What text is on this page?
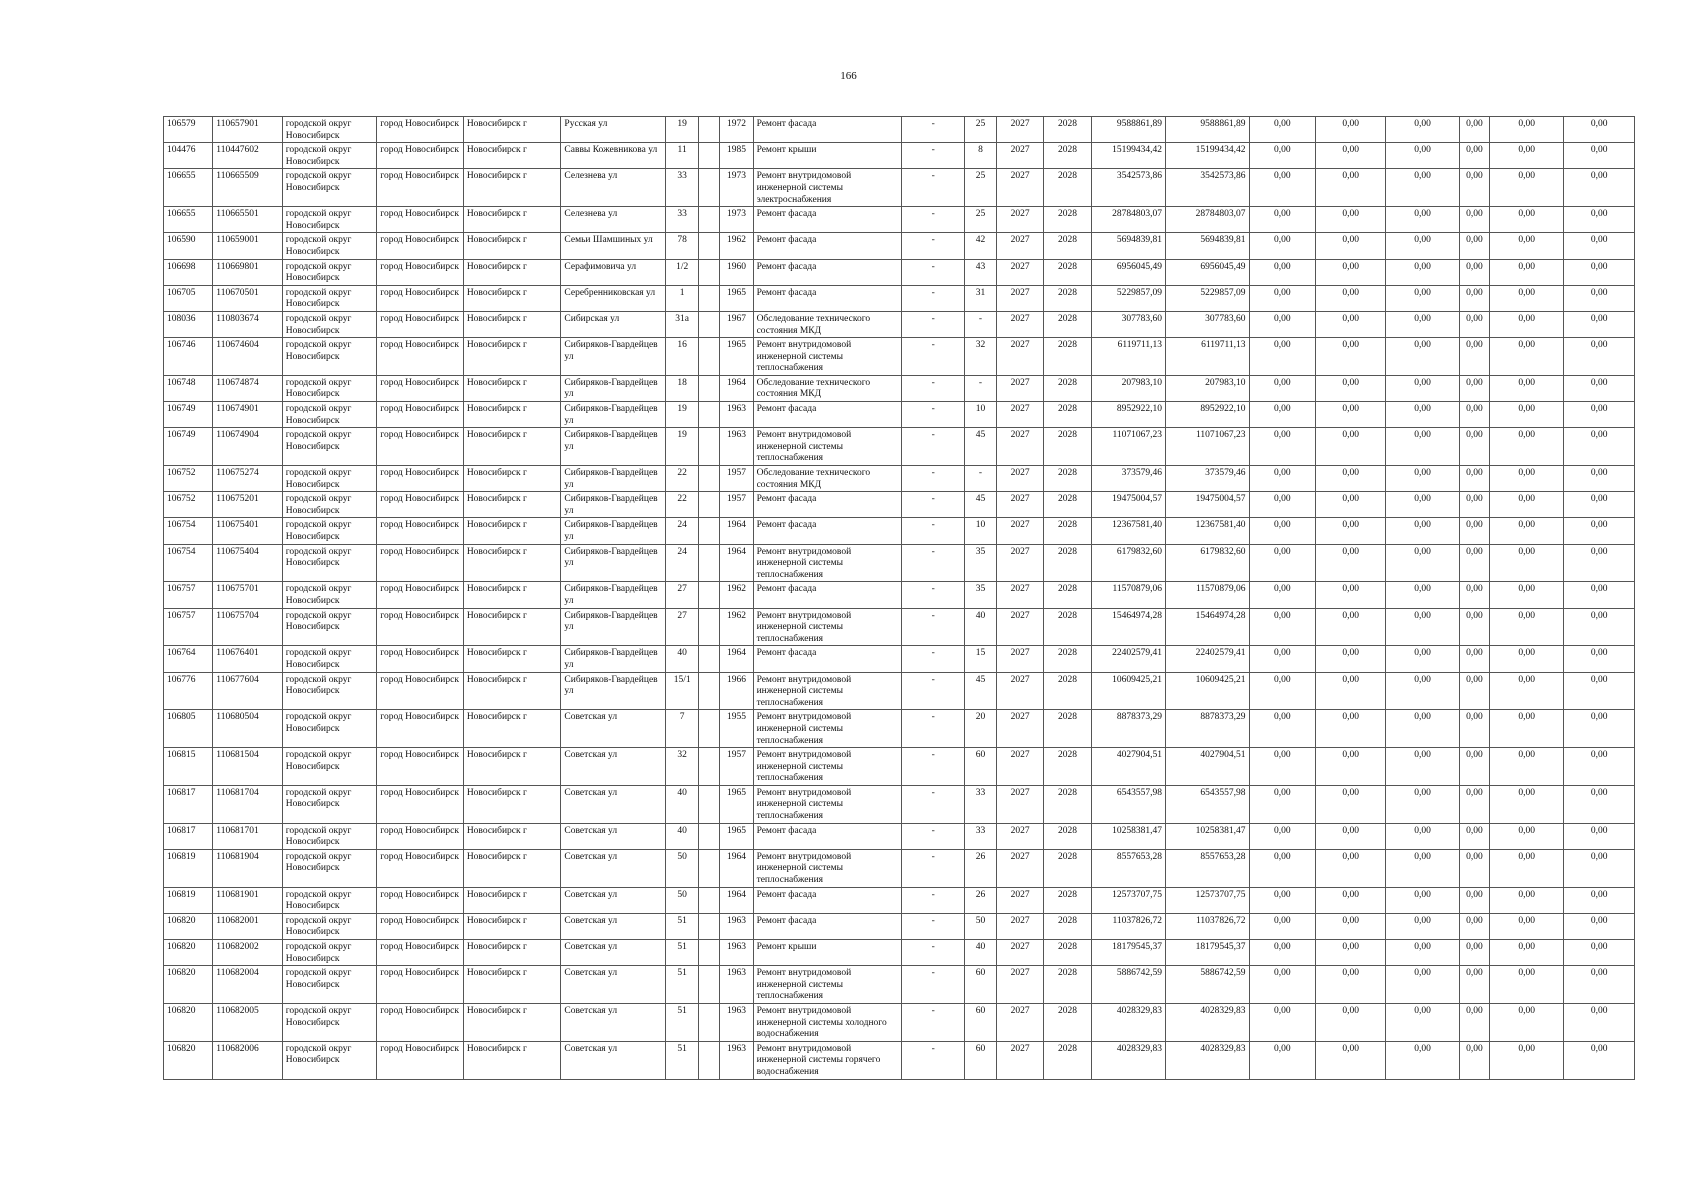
166
106579	110657901	городской округ Новосибирск	город Новосибирск	Новосибирск г	Русская ул	19		1972	Ремонт фасада	-	25	2027	2028	9588861,89	9588861,89	0,00	0,00	0,00	0,00	0,00	0,00
104476	110447602	городской округ Новосибирск	город Новосибирск	Новосибирск г	Саввы Кожевникова ул	11		1985	Ремонт крыши	-	8	2027	2028	15199434,42	15199434,42	0,00	0,00	0,00	0,00	0,00	0,00
106655	110665509	городской округ Новосибирск	город Новосибирск	Новосибирск г	Селезнева ул	33		1973	Ремонт внутридомовой инженерной системы электроснабжения	-	25	2027	2028	3542573,86	3542573,86	0,00	0,00	0,00	0,00	0,00	0,00
106655	110665501	городской округ Новосибирск	город Новосибирск	Новосибирск г	Селезнева ул	33		1973	Ремонт фасада	-	25	2027	2028	28784803,07	28784803,07	0,00	0,00	0,00	0,00	0,00	0,00
106590	110659001	городской округ Новосибирск	город Новосибирск	Новосибирск г	Семьи Шамшиных ул	78		1962	Ремонт фасада	-	42	2027	2028	5694839,81	5694839,81	0,00	0,00	0,00	0,00	0,00	0,00
106698	110669801	городской округ Новосибирск	город Новосибирск	Новосибирск г	Серафимовича ул	1/2		1960	Ремонт фасада	-	43	2027	2028	6956045,49	6956045,49	0,00	0,00	0,00	0,00	0,00	0,00
106705	110670501	городской округ Новосибирск	город Новосибирск	Новосибирск г	Серебренниковская ул	1		1965	Ремонт фасада	-	31	2027	2028	5229857,09	5229857,09	0,00	0,00	0,00	0,00	0,00	0,00
108036	110803674	городской округ Новосибирск	город Новосибирск	Новосибирск г	Сибирская ул	31а		1967	Обследование технического состояния МКД	-	-	2027	2028	307783,60	307783,60	0,00	0,00	0,00	0,00	0,00	0,00
106746	110674604	городской округ Новосибирск	город Новосибирск	Новосибирск г	Сибиряков-Гвардейцев ул	16		1965	Ремонт внутридомовой инженерной системы теплоснабжения	-	32	2027	2028	6119711,13	6119711,13	0,00	0,00	0,00	0,00	0,00	0,00
106748	110674874	городской округ Новосибирск	город Новосибирск	Новосибирск г	Сибиряков-Гвардейцев ул	18		1964	Обследование технического состояния МКД	-	-	2027	2028	207983,10	207983,10	0,00	0,00	0,00	0,00	0,00	0,00
106749	110674901	городской округ Новосибирск	город Новосибирск	Новосибирск г	Сибиряков-Гвардейцев ул	19		1963	Ремонт фасада	-	10	2027	2028	8952922,10	8952922,10	0,00	0,00	0,00	0,00	0,00	0,00
106749	110674904	городской округ Новосибирск	город Новосибирск	Новосибирск г	Сибиряков-Гвардейцев ул	19		1963	Ремонт внутридомовой инженерной системы теплоснабжения	-	45	2027	2028	11071067,23	11071067,23	0,00	0,00	0,00	0,00	0,00	0,00
106752	110675274	городской округ Новосибирск	город Новосибирск	Новосибирск г	Сибиряков-Гвардейцев ул	22		1957	Обследование технического состояния МКД	-	-	2027	2028	373579,46	373579,46	0,00	0,00	0,00	0,00	0,00	0,00
106752	110675201	городской округ Новосибирск	город Новосибирск	Новосибирск г	Сибиряков-Гвардейцев ул	22		1957	Ремонт фасада	-	45	2027	2028	19475004,57	19475004,57	0,00	0,00	0,00	0,00	0,00	0,00
106754	110675401	городской округ Новосибирск	город Новосибирск	Новосибирск г	Сибиряков-Гвардейцев ул	24		1964	Ремонт фасада	-	10	2027	2028	12367581,40	12367581,40	0,00	0,00	0,00	0,00	0,00	0,00
106754	110675404	городской округ Новосибирск	город Новосибирск	Новосибирск г	Сибиряков-Гвардейцев ул	24		1964	Ремонт внутридомовой инженерной системы теплоснабжения	-	35	2027	2028	6179832,60	6179832,60	0,00	0,00	0,00	0,00	0,00	0,00
106757	110675701	городской округ Новосибирск	город Новосибирск	Новосибирск г	Сибиряков-Гвардейцев ул	27		1962	Ремонт фасада	-	35	2027	2028	11570879,06	11570879,06	0,00	0,00	0,00	0,00	0,00	0,00
106757	110675704	городской округ Новосибирск	город Новосибирск	Новосибирск г	Сибиряков-Гвардейцев ул	27		1962	Ремонт внутридомовой инженерной системы теплоснабжения	-	40	2027	2028	15464974,28	15464974,28	0,00	0,00	0,00	0,00	0,00	0,00
106764	110676401	городской округ Новосибирск	город Новосибирск	Новосибирск г	Сибиряков-Гвардейцев ул	40		1964	Ремонт фасада	-	15	2027	2028	22402579,41	22402579,41	0,00	0,00	0,00	0,00	0,00	0,00
106776	110677604	городской округ Новосибирск	город Новосибирск	Новосибирск г	Сибиряков-Гвардейцев ул	15/1		1966	Ремонт внутридомовой инженерной системы теплоснабжения	-	45	2027	2028	10609425,21	10609425,21	0,00	0,00	0,00	0,00	0,00	0,00
106805	110680504	городской округ Новосибирск	город Новосибирск	Новосибирск г	Советская ул	7		1955	Ремонт внутридомовой инженерной системы теплоснабжения	-	20	2027	2028	8878373,29	8878373,29	0,00	0,00	0,00	0,00	0,00	0,00
106815	110681504	городской округ Новосибирск	город Новосибирск	Новосибирск г	Советская ул	32		1957	Ремонт внутридомовой инженерной системы теплоснабжения	-	60	2027	2028	4027904,51	4027904,51	0,00	0,00	0,00	0,00	0,00	0,00
106817	110681704	городской округ Новосибирск	город Новосибирск	Новосибирск г	Советская ул	40		1965	Ремонт внутридомовой инженерной системы теплоснабжения	-	33	2027	2028	6543557,98	6543557,98	0,00	0,00	0,00	0,00	0,00	0,00
106817	110681701	городской округ Новосибирск	город Новосибирск	Новосибирск г	Советская ул	40		1965	Ремонт фасада	-	33	2027	2028	10258381,47	10258381,47	0,00	0,00	0,00	0,00	0,00	0,00
106819	110681904	городской округ Новосибирск	город Новосибирск	Новосибирск г	Советская ул	50		1964	Ремонт внутридомовой инженерной системы теплоснабжения	-	26	2027	2028	8557653,28	8557653,28	0,00	0,00	0,00	0,00	0,00	0,00
106819	110681901	городской округ Новосибирск	город Новосибирск	Новосибирск г	Советская ул	50		1964	Ремонт фасада	-	26	2027	2028	12573707,75	12573707,75	0,00	0,00	0,00	0,00	0,00	0,00
106820	110682001	городской округ Новосибирск	город Новосибирск	Новосибирск г	Советская ул	51		1963	Ремонт фасада	-	50	2027	2028	11037826,72	11037826,72	0,00	0,00	0,00	0,00	0,00	0,00
106820	110682002	городской округ Новосибирск	город Новосибирск	Новосибирск г	Советская ул	51		1963	Ремонт крыши	-	40	2027	2028	18179545,37	18179545,37	0,00	0,00	0,00	0,00	0,00	0,00
106820	110682004	городской округ Новосибирск	город Новосибирск	Новосибирск г	Советская ул	51		1963	Ремонт внутридомовой инженерной системы теплоснабжения	-	60	2027	2028	5886742,59	5886742,59	0,00	0,00	0,00	0,00	0,00	0,00
106820	110682005	городской округ Новосибирск	город Новосибирск	Новосибирск г	Советская ул	51		1963	Ремонт внутридомовой инженерной системы холодного водоснабжения	-	60	2027	2028	4028329,83	4028329,83	0,00	0,00	0,00	0,00	0,00	0,00
106820	110682006	городской округ Новосибирск	город Новосибирск	Новосибирск г	Советская ул	51		1963	Ремонт внутридомовой инженерной системы горячего водоснабжения	-	60	2027	2028	4028329,83	4028329,83	0,00	0,00	0,00	0,00	0,00	0,00
